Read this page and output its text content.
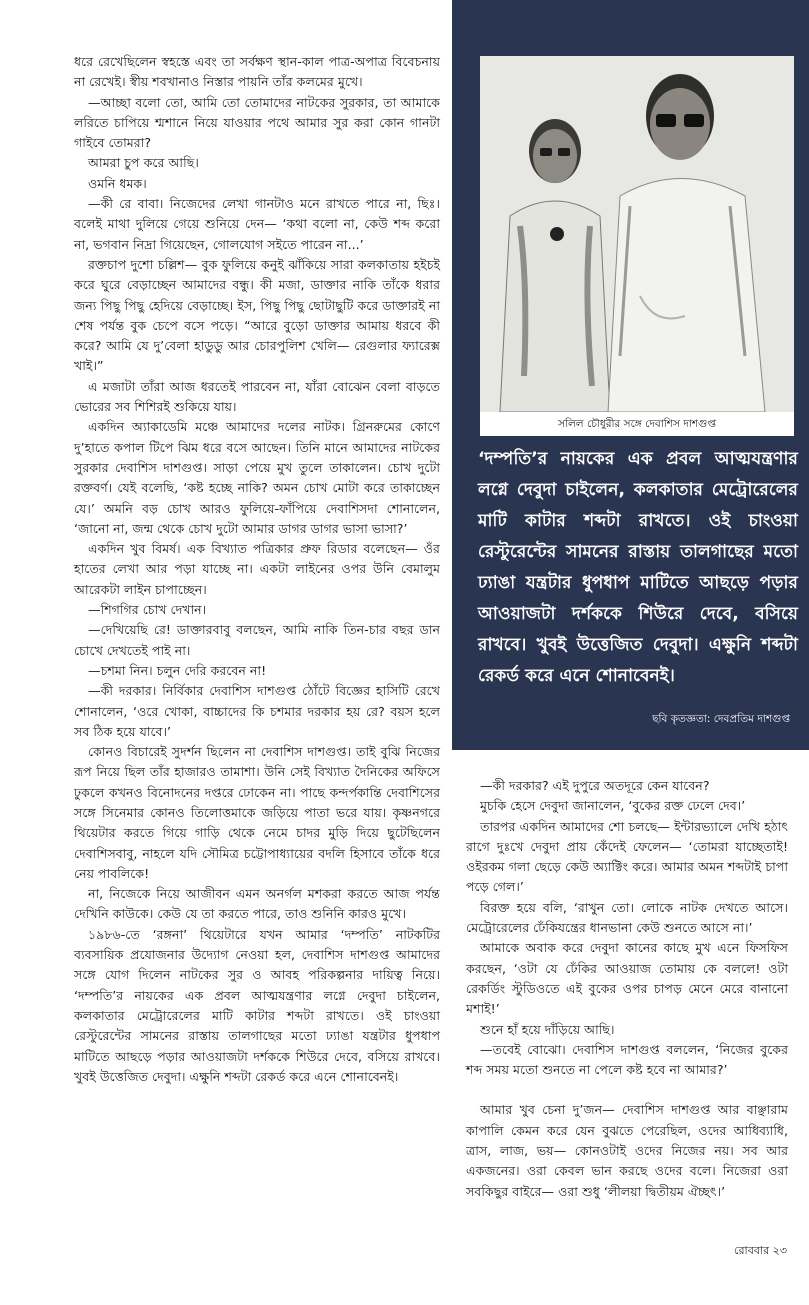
ধরে রেখেছিলেন স্বহস্তে এবং তা সর্বক্ষণ স্থান-কাল পাত্র-অপাত্র বিবেচনায় না রেখেই। স্বীয় শবখানাও নিস্তার পায়নি তাঁর কলমের মুখে।

—আচ্ছা বলো তো, আমি তো তোমাদের নাটকের সুরকার, তা আমাকে লরিতে চাপিয়ে শ্মশানে নিয়ে যাওয়ার পথে আমার সুর করা কোন গানটা গাইবে তোমরা?

আমরা চুপ করে আছি।

ওমনি ধমক।

—কী রে বাবা। নিজেদের লেখা গানটাও মনে রাখতে পারে না, ছিঃ। বলেই মাথা দুলিয়ে গেয়ে শুনিয়ে দেন— ‘কথা বলো না, কেউ শব্দ করো না, ভগবান নিদ্রা গিয়েছেন, গোলযোগ সইতে পারেন না...’

রক্তচাপ দুশো চল্লিশ— বুক ফুলিয়ে কনুই ঝাঁকিয়ে সারা কলকাতায় হইচই করে ঘুরে বেড়াচ্ছেন আমাদের বন্ধু। কী মজা, ডাক্তার নাকি তাঁকে ধরার জন্য পিছু পিছু হেদিয়ে বেড়াচ্ছে। ইস, পিছু পিছু ছোটাছুটি করে ডাক্তারই না শেষ পর্যন্ত বুক চেপে বসে পড়ে। “আরে বুড়ো ডাক্তার আমায় ধরবে কী করে? আমি যে দু’বেলা হাডুডু আর চোরপুলিশ খেলি— রেগুলার ফ্যারেক্স খাই।”

এ মজাটা তাঁরা আজ ধরতেই পারবেন না, যাঁরা বোঝেন বেলা বাড়তে ভোরের সব শিশিরই শুকিয়ে যায়।

একদিন অ্যাকাডেমি মঞ্চে আমাদের দলের নাটক। গ্রিনরুমের কোণে দু’হাতে কপাল টিপে ঝিম ধরে বসে আছেন। তিনি মানে আমাদের নাটকের সুরকার দেবাশিস দাশগুপ্ত। সাড়া পেয়ে মুখ তুলে তাকালেন। চোখ দুটো রক্তবর্ণ। যেই বলেছি, ‘কষ্ট হচ্ছে নাকি? অমন চোখ মোটা করে তাকাচ্ছেন যে।’ অমনি বড় চোখ আরও ফুলিয়ে-ফাঁপিয়ে দেবাশিসদা শোনালেন, ‘জানো না, জন্ম থেকে চোখ দুটো আমার ডাগর ডাগর ভাসা ভাসা?’

একদিন খুব বিমর্ষ। এক বিখ্যাত পত্রিকার প্রুফ রিডার বলেছেন— ওঁর হাতের লেখা আর পড়া যাচ্ছে না। একটা লাইনের ওপর উনি বেমালুম আরেকটা লাইন চাপাচ্ছেন।

—শিগগির চোখ দেখান।

—দেখিয়েছি রে! ডাক্তারবাবু বলছেন, আমি নাকি তিন-চার বছর ডান চোখে দেখতেই পাই না।

—চশমা নিন। চলুন দেরি করবেন না!

—কী দরকার। নির্বিকার দেবাশিস দাশগুপ্ত ঠোঁটে বিজ্ঞের হাসিটি রেখে শোনালেন, ‘ওরে খোকা, বাচ্চাদের কি চশমার দরকার হয় রে? বয়স হলে সব ঠিক হয়ে যাবে।’

কোনও বিচারেই সুদর্শন ছিলেন না দেবাশিস দাশগুপ্ত। তাই বুঝি নিজের রূপ নিয়ে ছিল তাঁর হাজারও তামাশা। উনি সেই বিখ্যাত দৈনিকের অফিসে ঢুকলে কখনও বিনোদনের দপ্তরে ঢোকেন না। পাছে কন্দর্পকান্তি দেবাশিসের সঙ্গে সিনেমার কোনও তিলোত্তমাকে জড়িয়ে পাতা ভরে যায়। কৃষ্ণনগরে থিয়েটার করতে গিয়ে গাড়ি থেকে নেমে চাদর মুড়ি দিয়ে ছুটেছিলেন দেবাশিসবাবু, নাহলে যদি সৌমিত্র চট্টোপাধ্যায়ের বদলি হিসাবে তাঁকে ধরে নেয় পাবলিকে!

না, নিজেকে নিয়ে আজীবন এমন অনর্গল মশকরা করতে আজ পর্যন্ত দেখিনি কাউকে। কেউ যে তা করতে পারে, তাও শুনিনি কারও মুখে।

১৯৮৬-তে ‘রঙ্গনা’ থিয়েটারে যখন আমার ‘দম্পতি’ নাটকটির ব্যবসায়িক প্রযোজনার উদ্যোগ নেওয়া হল, দেবাশিস দাশগুপ্ত আমাদের সঙ্গে যোগ দিলেন নাটকের সুর ও আবহ পরিকল্পনার দায়িত্ব নিয়ে। ‘দম্পতি’র নায়কের এক প্রবল আত্মযন্ত্রণার লগ্নে দেবুদা চাইলেন, কলকাতার মেট্রোরেলের মাটি কাটার শব্দটা রাখতে। ওই চাংওয়া রেস্টুরেন্টের সামনের রাস্তায় তালগাছের মতো ঢ্যাঙা যন্ত্রটার ধুপধাপ মাটিতে আছড়ে পড়ার আওয়াজটা দর্শককে শিউরে দেবে, বসিয়ে রাখবে। খুবই উত্তেজিত দেবুদা। এক্ষুনি শব্দটা রেকর্ড করে এনে শোনাবেনই।

সলিল চৌধুরীর সঙ্গে দেবাশিস দাশগুপ্ত
‘দম্পতি’র নায়কের এক প্রবল আত্মযন্ত্রণার লগ্নে দেবুদা চাইলেন, কলকাতার মেট্রোরেলের মাটি কাটার শব্দটা রাখতে। ওই চাংওয়া রেস্টুরেন্টের সামনের রাস্তায় তালগাছের মতো ঢ্যাঙা যন্ত্রটার ধুপধাপ মাটিতে আছড়ে পড়ার আওয়াজটা দর্শককে শিউরে দেবে, বসিয়ে রাখবে। খুবই উত্তেজিত দেবুদা। এক্ষুনি শব্দটা রেকর্ড করে এনে শোনাবেনই।
ছবি কৃতজ্ঞতা: দেবপ্রতিম দাশগুপ্ত

—কী দরকার? এই দুপুরে অতদূরে কেন যাবেন?

মুচকি হেসে দেবুদা জানালেন, ‘বুকের রক্ত ঢেলে দেব।’

তারপর একদিন আমাদের শো চলছে— ইন্টারভ্যালে দেখি হঠাৎ রাগে দুঃখে দেবুদা প্রায় কেঁদেই ফেলেন— ‘তোমরা যাচ্ছেতাই! ওইরকম গলা ছেড়ে কেউ অ্যাক্টিং করে। আমার অমন শব্দটাই চাপা পড়ে গেল।’

বিরক্ত হয়ে বলি, ‘রাখুন তো। লোকে নাটক দেখতে আসে। মেট্রোরেলের ঢেঁকিযন্ত্রের ধানভানা কেউ শুনতে আসে না।’

আমাকে অবাক করে দেবুদা কানের কাছে মুখ এনে ফিসফিস করছেন, ‘ওটা যে ঢেঁকির আওয়াজ তোমায় কে বললে! ওটা রেকর্ডিং স্টুডিওতে এই বুকের ওপর চাপড় মেনে মেরে বানানো মশাই!’

শুনে হাঁ হয়ে দাঁড়িয়ে আছি।

—তবেই বোঝো। দেবাশিস দাশগুপ্ত বললেন, ‘নিজের বুকের শব্দ সময় মতো শুনতে না পেলে কষ্ট হবে না আমার?’

আমার খুব চেনা দু’জন— দেবাশিস দাশগুপ্ত আর বাঞ্ছারাম কাপালি কেমন করে যেন বুঝতে পেরেছিল, ওদের আধিব্যাধি, ত্রাস, লাজ, ভয়— কোনওটাই ওদের নিজের নয়। সব আর একজনের। ওরা কেবল ভান করছে ওদের বলে। নিজেরা ওরা সবকিছুর বাইরে— ওরা শুধু ‘লীলয়া দ্বিতীয়ম ঐচ্ছৎ।’

রোববার ২৩
